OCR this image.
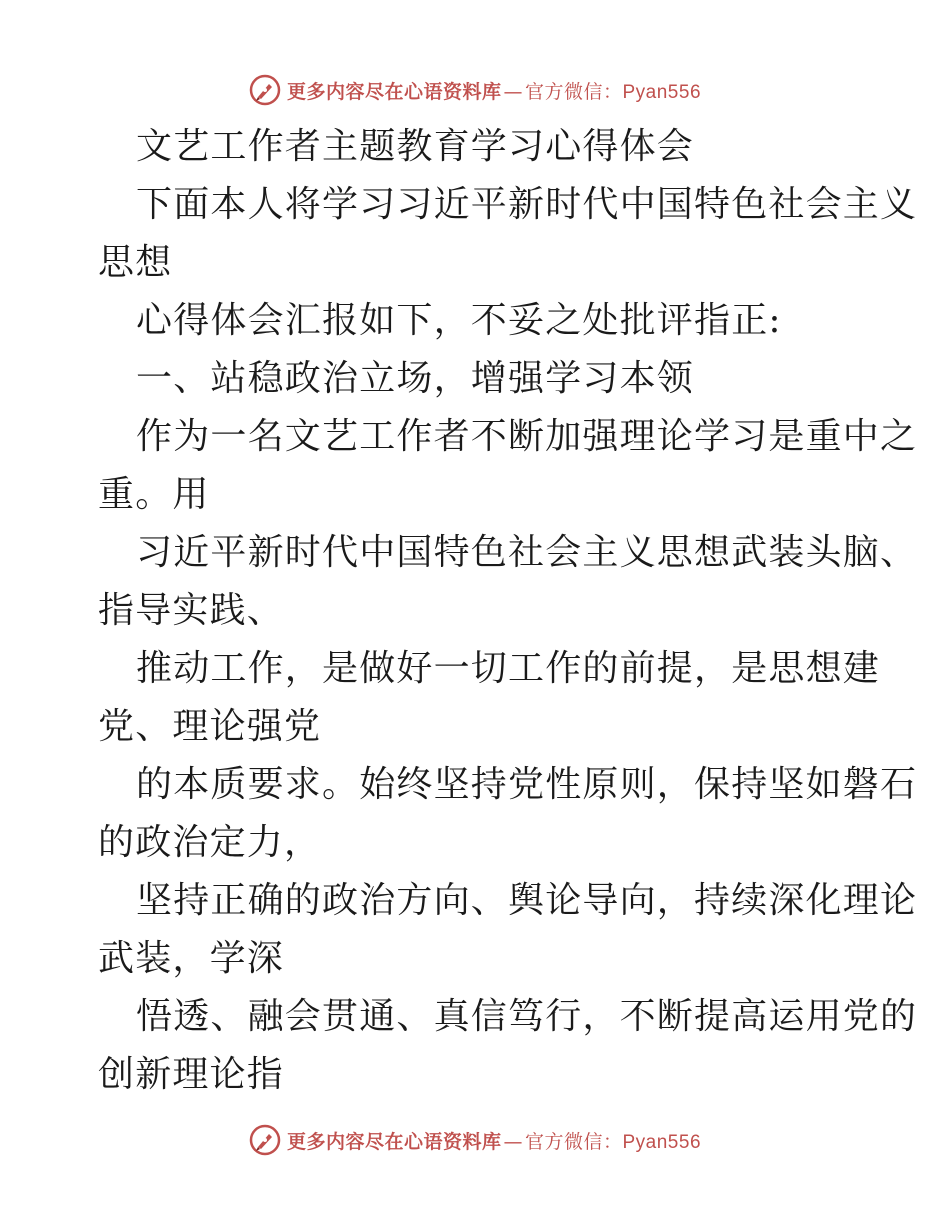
更多内容尽在心语资料库 — 官方微信：Pyan556
文艺工作者主题教育学习心得体会
下面本人将学习习近平新时代中国特色社会主义
思想
心得体会汇报如下，不妥之处批评指正:
一、站稳政治立场，增强学习本领
作为一名文艺工作者不断加强理论学习是重中之
重。用
习近平新时代中国特色社会主义思想武装头脑、
指导实践、
推动工作，是做好一切工作的前提，是思想建
党、理论强党
的本质要求。始终坚持党性原则，保持坚如磐石
的政治定力，
坚持正确的政治方向、舆论导向，持续深化理论
武装，学深
悟透、融会贯通、真信笃行，不断提高运用党的
创新理论指
更多内容尽在心语资料库 — 官方微信：Pyan556
